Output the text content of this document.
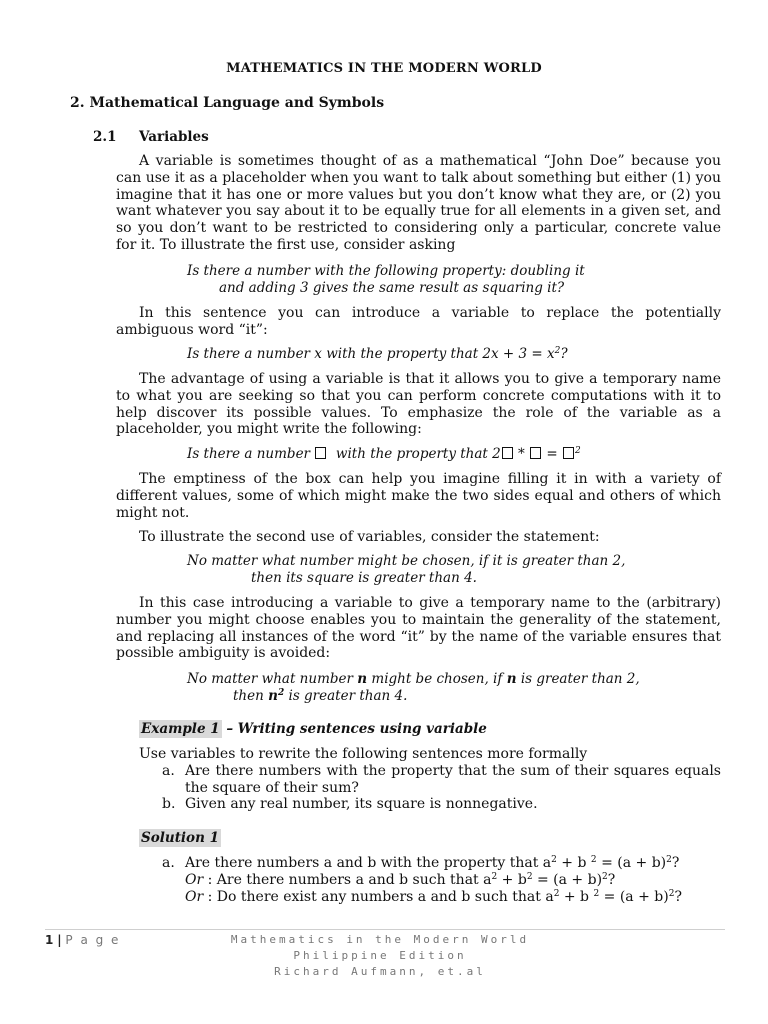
MATHEMATICS IN THE MODERN WORLD
2. Mathematical Language and Symbols
2.1 Variables
A variable is sometimes thought of as a mathematical “John Doe” because you can use it as a placeholder when you want to talk about something but either (1) you imagine that it has one or more values but you don’t know what they are, or (2) you want whatever you say about it to be equally true for all elements in a given set, and so you don’t want to be restricted to considering only a particular, concrete value for it. To illustrate the first use, consider asking
Is there a number with the following property: doubling it
and adding 3 gives the same result as squaring it?
In this sentence you can introduce a variable to replace the potentially ambiguous word “it”:
Is there a number x with the property that $2x + 3 = x^2$?
The advantage of using a variable is that it allows you to give a temporary name to what you are seeking so that you can perform concrete computations with it to help discover its possible values. To emphasize the role of the variable as a placeholder, you might write the following:
Is there a number with the property that 2 * = $^2$
The emptiness of the box can help you imagine filling it in with a variety of different values, some of which might make the two sides equal and others of which might not.
To illustrate the second use of variables, consider the statement:
No matter what number might be chosen, if it is greater than 2,
then its square is greater than 4.
In this case introducing a variable to give a temporary name to the (arbitrary) number you might choose enables you to maintain the generality of the statement, and replacing all instances of the word “it” by the name of the variable ensures that possible ambiguity is avoided:
No matter what number n might be chosen, if n is greater than 2,
then $n^2$ is greater than 4.
Example 1 – Writing sentences using variable
Use variables to rewrite the following sentences more formally
a. Are there numbers with the property that the sum of their squares equals the square of their sum?
b. Given any real number, its square is nonnegative.
Solution 1
a. Are there numbers a and b with the property that $a^2 + b$ $^2 = (a + b)^2$?
Or : Are there numbers a and b such that $a^2 + b^2 = (a + b)^2$?
Or : Do there exist any numbers a and b such that $a^2 + b$ $^2 = (a + b)^2$?
1 | P a g e	Mathematics in the Modern World
Philippine Edition
Richard Aufmann, et.al
